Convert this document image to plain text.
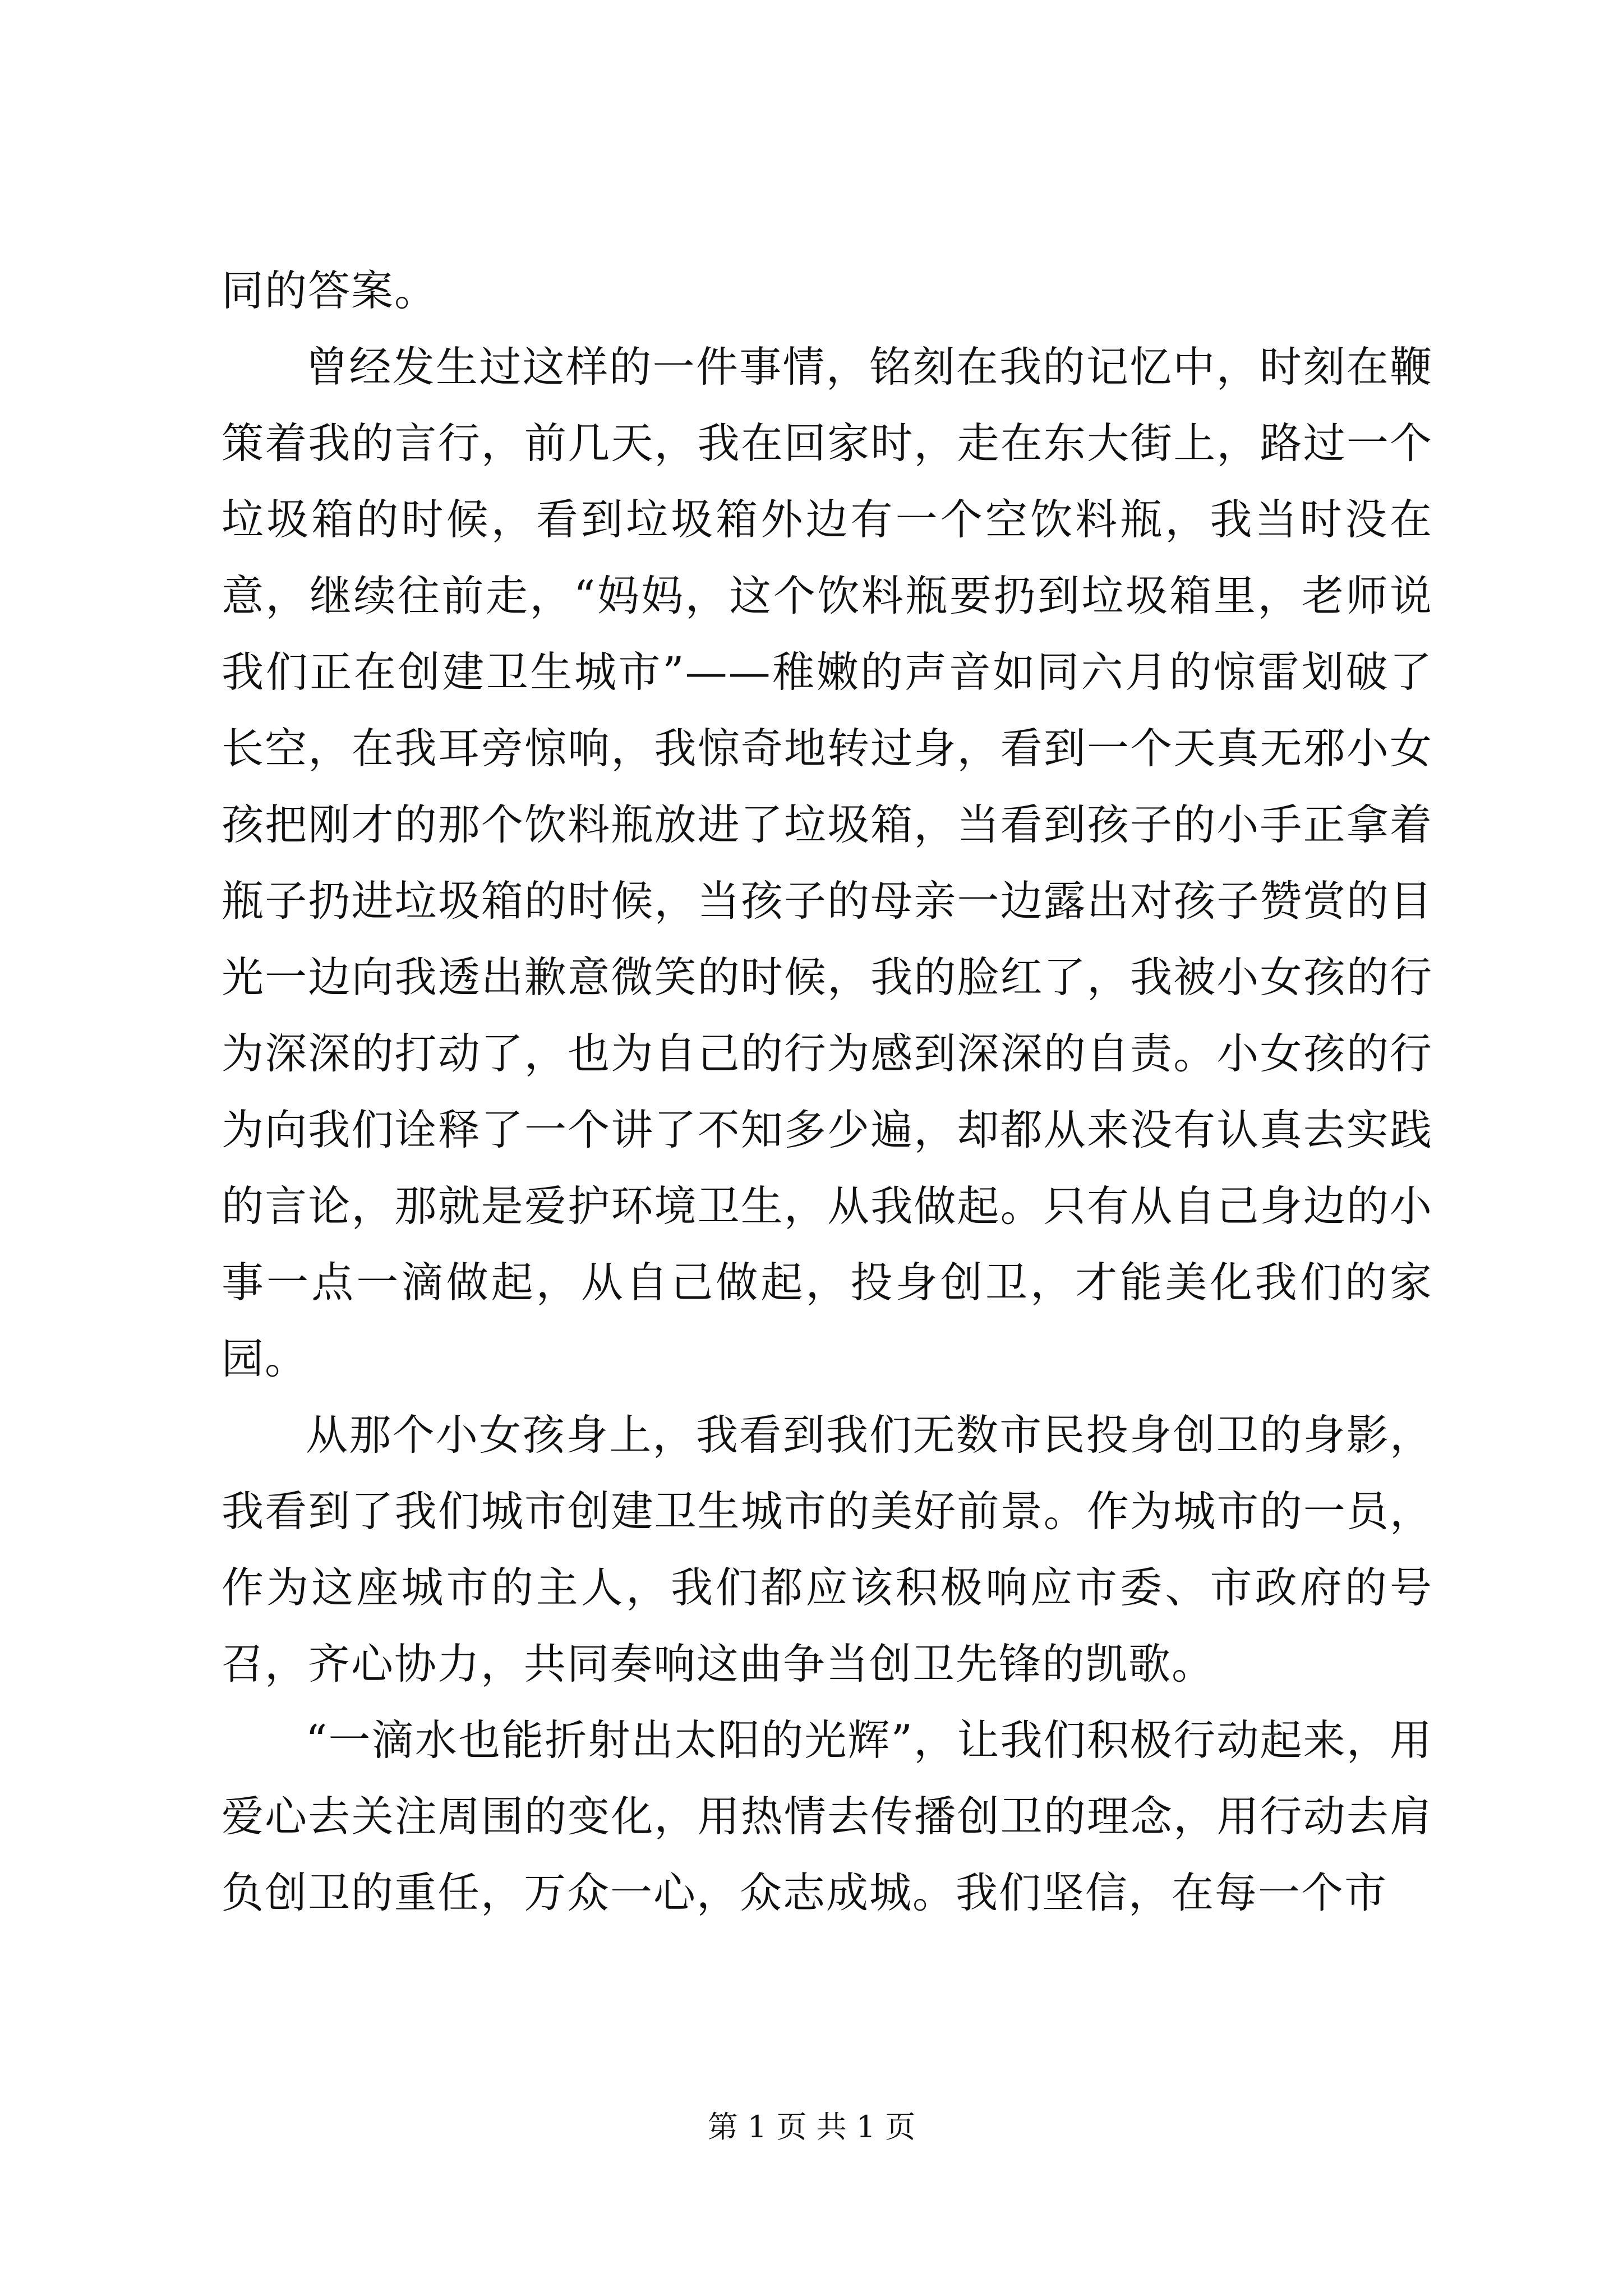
同的答案。

曾经发生过这样的一件事情，铭刻在我的记忆中，时刻在鞭策着我的言行，前几天，我在回家时，走在东大街上，路过一个垃圾箱的时候，看到垃圾箱外边有一个空饮料瓶，我当时没在意，继续往前走，“妈妈，这个饮料瓶要扔到垃圾箱里，老师说我们正在创建卫生城市”——稚嫩的声音如同六月的惊雷划破了长空，在我耳旁惊响，我惊奇地转过身，看到一个天真无邪小女孩把刚才的那个饮料瓶放进了垃圾箱，当看到孩子的小手正拿着瓶子扔进垃圾箱的时候，当孩子的母亲一边露出对孩子赞赏的目光一边向我透出歉意微笑的时候，我的脸红了，我被小女孩的行为深深的打动了，也为自己的行为感到深深的自责。小女孩的行为向我们诠释了一个讲了不知多少遍，却都从来没有认真去实践的言论，那就是爱护环境卫生，从我做起。只有从自己身边的小事一点一滴做起，从自己做起，投身创卫，才能美化我们的家园。

从那个小女孩身上，我看到我们无数市民投身创卫的身影，我看到了我们城市创建卫生城市的美好前景。作为城市的一员，作为这座城市的主人，我们都应该积极响应市委、市政府的号召，齐心协力，共同奏响这曲争当创卫先锋的凯歌。

“一滴水也能折射出太阳的光辉”，让我们积极行动起来，用爱心去关注周围的变化，用热情去传播创卫的理念，用行动去肩负创卫的重任，万众一心，众志成城。我们坚信，在每一个市

第 1 页 共 1 页
